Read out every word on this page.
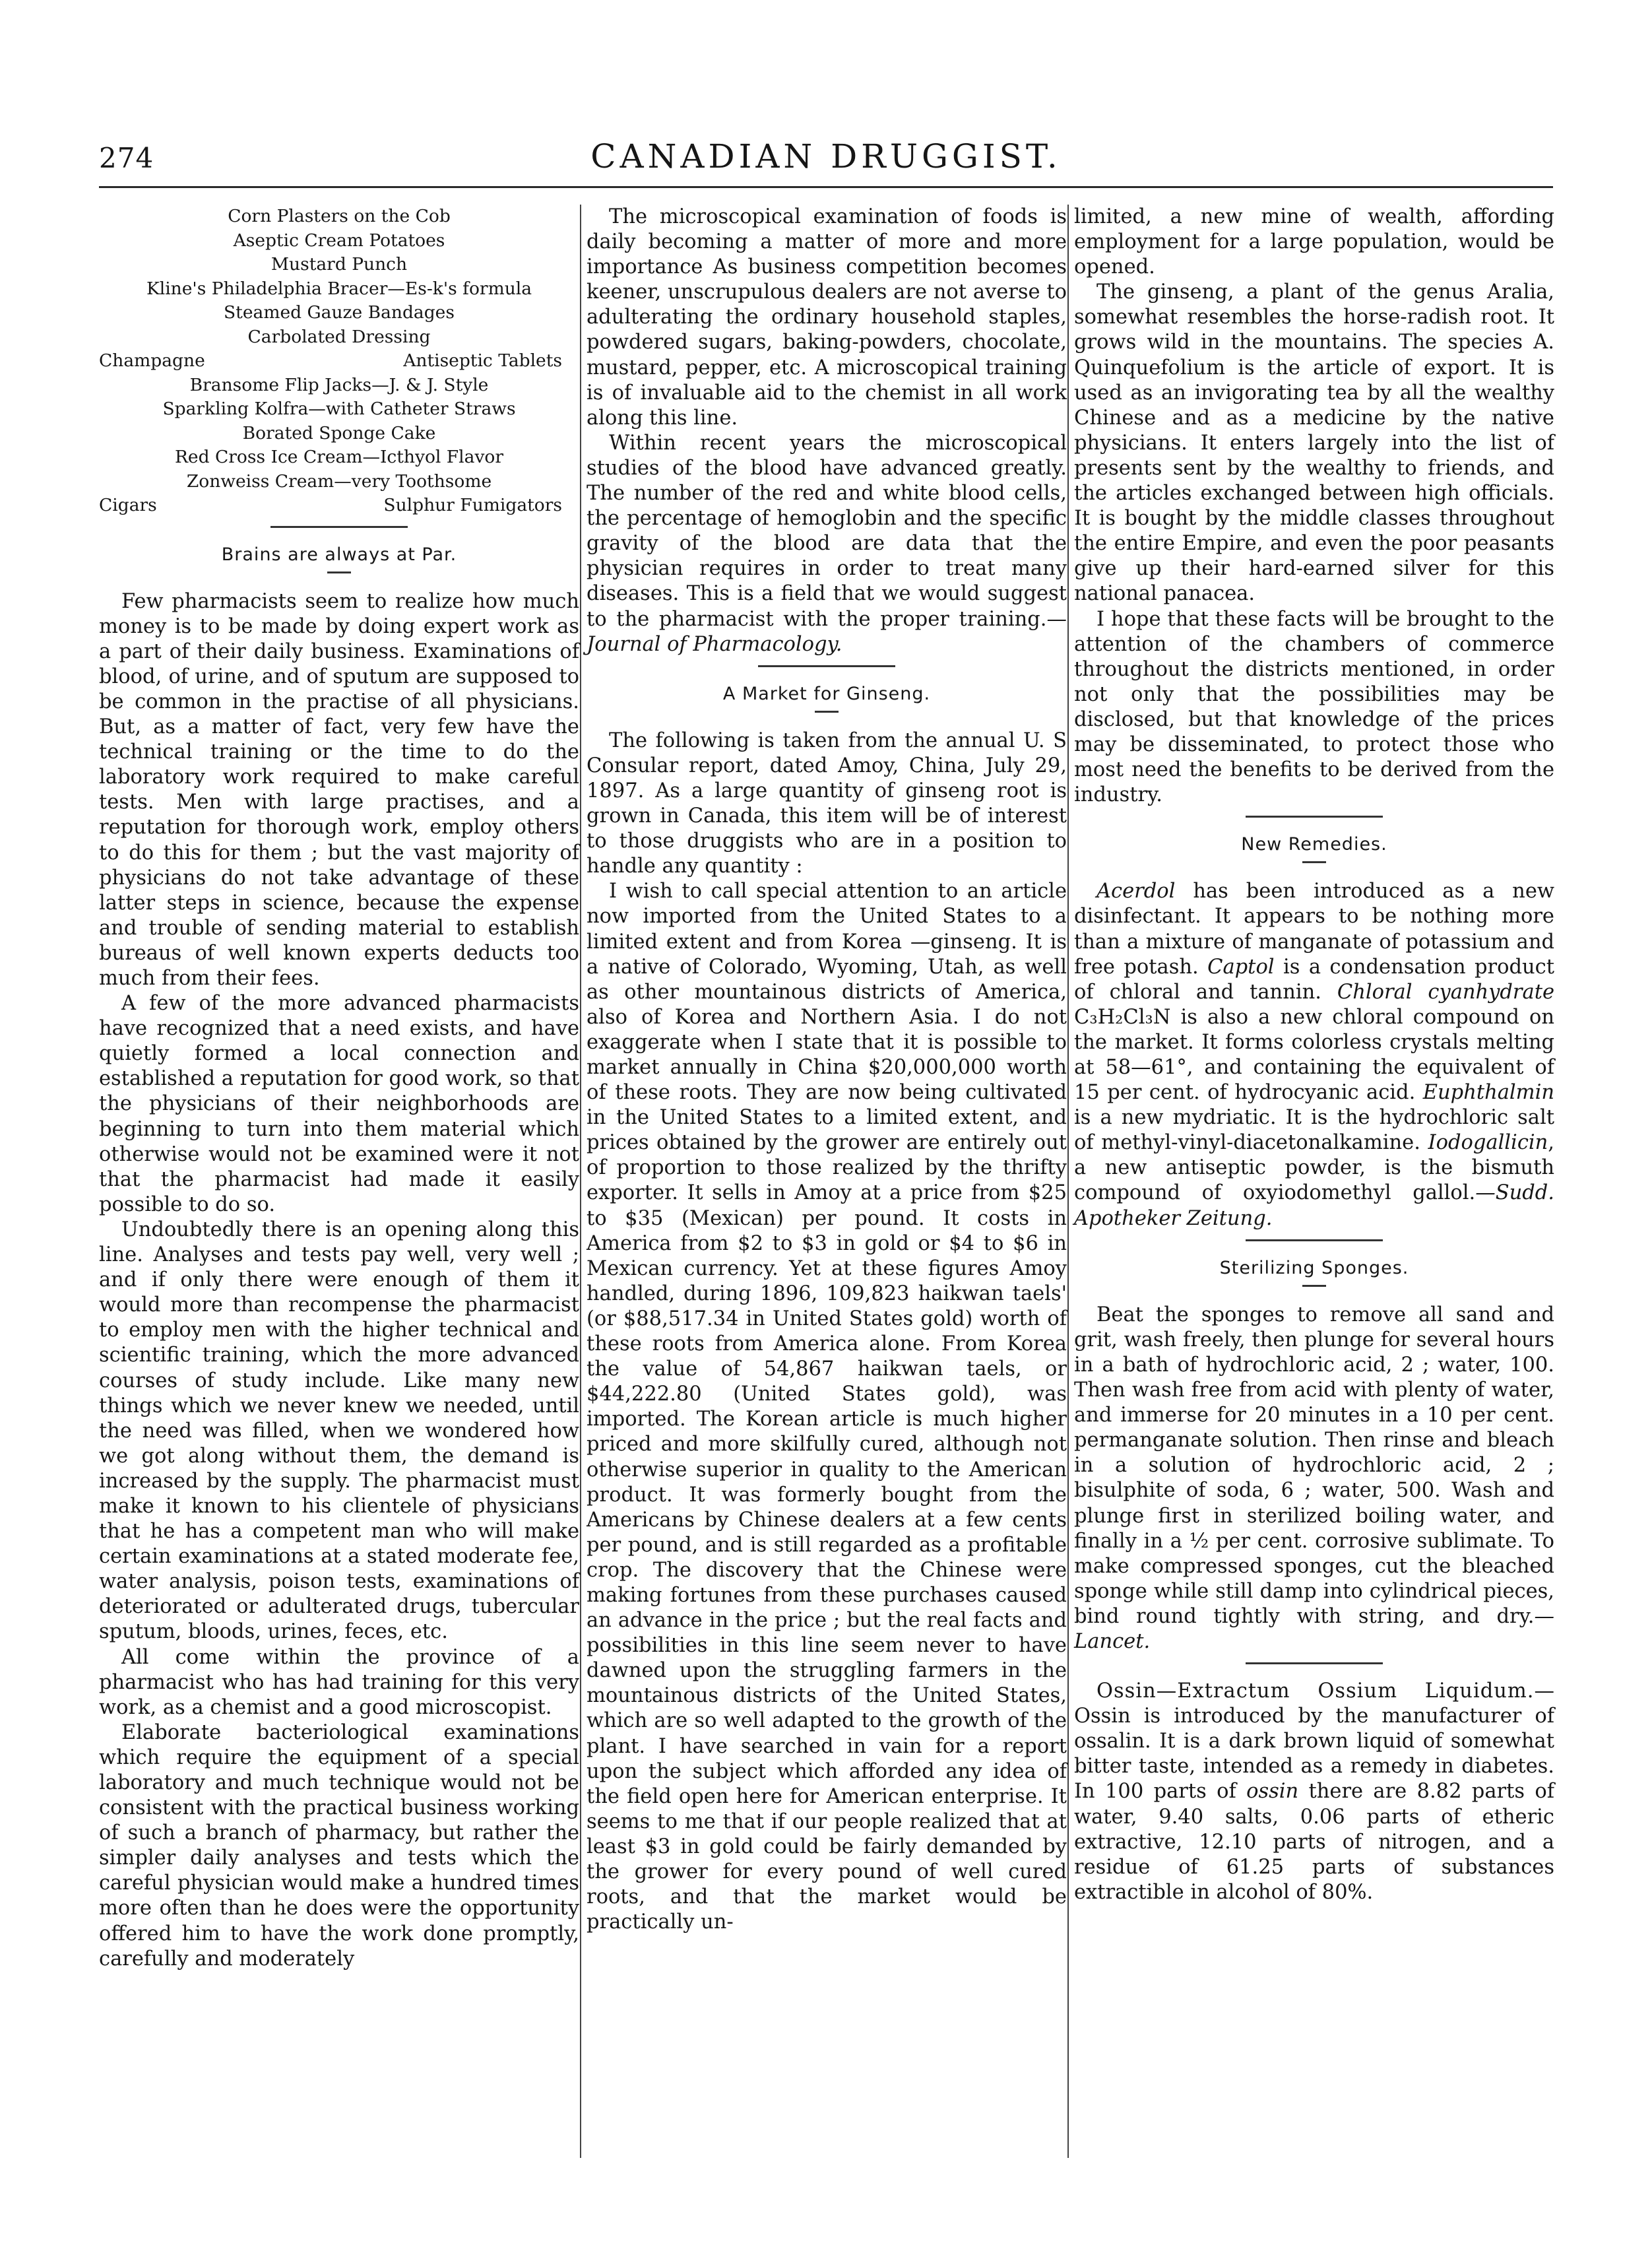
274	CANADIAN DRUGGIST.
Corn Plasters on the Cob
Aseptic Cream Potatoes
Mustard Punch
Kline's Philadelphia Bracer—Es-k's formula
Steamed Gauze Bandages
Carbolated Dressing
Champagne	Antiseptic Tablets
Bransome Flip Jacks—J. & J. Style
Sparkling Kolfra—with Catheter Straws
Borated Sponge Cake
Red Cross Ice Cream—Icthyol Flavor
Zonweiss Cream—very Toothsome
Cigars	Sulphur Fumigators
Brains are always at Par.

Few pharmacists seem to realize how much money is to be made by doing expert work as a part of their daily business. Examinations of blood, of urine, and of sputum are supposed to be common in the practise of all physicians. But, as a matter of fact, very few have the technical training or the time to do the laboratory work required to make careful tests. Men with large practises, and a reputation for thorough work, employ others to do this for them ; but the vast majority of physicians do not take advantage of these latter steps in science, because the expense and trouble of sending material to establish bureaus of well known experts deducts too much from their fees.

A few of the more advanced pharmacists have recognized that a need exists, and have quietly formed a local connection and established a reputation for good work, so that the physicians of their neighborhoods are beginning to turn into them material which otherwise would not be examined were it not that the pharmacist had made it easily possible to do so.

Undoubtedly there is an opening along this line. Analyses and tests pay well, very well ; and if only there were enough of them it would more than recompense the pharmacist to employ men with the higher technical and scientific training, which the more advanced courses of study include. Like many new things which we never knew we needed, until the need was filled, when we wondered how we got along without them, the demand is increased by the supply. The pharmacist must make it known to his clientele of physicians that he has a competent man who will make certain examinations at a stated moderate fee, water analysis, poison tests, examinations of deteriorated or adulterated drugs, tubercular sputum, bloods, urines, feces, etc.

All come within the province of a pharmacist who has had training for this very work, as a chemist and a good microscopist.

Elaborate bacteriological examinations which require the equipment of a special laboratory and much technique would not be consistent with the practical business working of such a branch of pharmacy, but rather the simpler daily analyses and tests which the careful physician would make a hundred times more often than he does were the opportunity offered him to have the work done promptly, carefully and moderately

The microscopical examination of foods is daily becoming a matter of more and more importance As business competition becomes keener, unscrupulous dealers are not averse to adulterating the ordinary household staples, powdered sugars, baking-powders, chocolate, mustard, pepper, etc. A microscopical training is of invaluable aid to the chemist in all work along this line.

Within recent years the microscopical studies of the blood have advanced greatly. The number of the red and white blood cells, the percentage of hemoglobin and the specific gravity of the blood are data that the physician requires in order to treat many diseases. This is a field that we would suggest to the pharmacist with the proper training.—Journal of Pharmacology.

A Market for Ginseng.

The following is taken from the annual U. S Consular report, dated Amoy, China, July 29, 1897. As a large quantity of ginseng root is grown in Canada, this item will be of interest to those druggists who are in a position to handle any quantity :

I wish to call special attention to an article now imported from the United States to a limited extent and from Korea —ginseng. It is a native of Colorado, Wyoming, Utah, as well as other mountainous districts of America, also of Korea and Northern Asia. I do not exaggerate when I state that it is possible to market annually in China $20,000,000 worth of these roots. They are now being cultivated in the United States to a limited extent, and prices obtained by the grower are entirely out of proportion to those realized by the thrifty exporter. It sells in Amoy at a price from $25 to $35 (Mexican) per pound. It costs in America from $2 to $3 in gold or $4 to $6 in Mexican currency. Yet at these figures Amoy handled, during 1896, 109,823 haikwan taels' (or $88,517.34 in United States gold) worth of these roots from America alone. From Korea the value of 54,867 haikwan taels, or $44,222.80 (United States gold), was imported. The Korean article is much higher priced and more skilfully cured, although not otherwise superior in quality to the American product. It was formerly bought from the Americans by Chinese dealers at a few cents per pound, and is still regarded as a profitable crop. The discovery that the Chinese were making fortunes from these purchases caused an advance in the price ; but the real facts and possibilities in this line seem never to have dawned upon the struggling farmers in the mountainous districts of the United States, which are so well adapted to the growth of the plant. I have searched in vain for a report upon the subject which afforded any idea of the field open here for American enterprise. It seems to me that if our people realized that at least $3 in gold could be fairly demanded by the grower for every pound of well cured roots, and that the market would be practically un-

limited, a new mine of wealth, affording employment for a large population, would be opened.

The ginseng, a plant of the genus Aralia, somewhat resembles the horse-radish root. It grows wild in the mountains. The species A. Quinquefolium is the article of export. It is used as an invigorating tea by all the wealthy Chinese and as a medicine by the native physicians. It enters largely into the list of presents sent by the wealthy to friends, and the articles exchanged between high officials. It is bought by the middle classes throughout the entire Empire, and even the poor peasants give up their hard-earned silver for this national panacea.

I hope that these facts will be brought to the attention of the chambers of commerce throughout the districts mentioned, in order not only that the possibilities may be disclosed, but that knowledge of the prices may be disseminated, to protect those who most need the benefits to be derived from the industry.

New Remedies.

Acerdol has been introduced as a new disinfectant. It appears to be nothing more than a mixture of manganate of potassium and free potash. Captol is a condensation product of chloral and tannin. Chloral cyanhydrate C₃H₂Cl₃N is also a new chloral compound on the market. It forms colorless crystals melting at 58—61°, and containing the equivalent of 15 per cent. of hydrocyanic acid. Euphthalmin is a new mydriatic. It is the hydrochloric salt of methyl-vinyl-diacetonalkamine. Iodogallicin, a new antiseptic powder, is the bismuth compound of oxyiodomethyl gallol.—Sudd. Apotheker Zeitung.

Sterilizing Sponges.

Beat the sponges to remove all sand and grit, wash freely, then plunge for several hours in a bath of hydrochloric acid, 2 ; water, 100. Then wash free from acid with plenty of water, and immerse for 20 minutes in a 10 per cent. permanganate solution. Then rinse and bleach in a solution of hydrochloric acid, 2 ; bisulphite of soda, 6 ; water, 500. Wash and plunge first in sterilized boiling water, and finally in a ½ per cent. corrosive sublimate. To make compressed sponges, cut the bleached sponge while still damp into cylindrical pieces, bind round tightly with string, and dry.—Lancet.

Ossin—Extractum Ossium Liquidum.—Ossin is introduced by the manufacturer of ossalin. It is a dark brown liquid of somewhat bitter taste, intended as a remedy in diabetes. In 100 parts of ossin there are 8.82 parts of water, 9.40 salts, 0.06 parts of etheric extractive, 12.10 parts of nitrogen, and a residue of 61.25 parts of substances extractible in alcohol of 80%.
